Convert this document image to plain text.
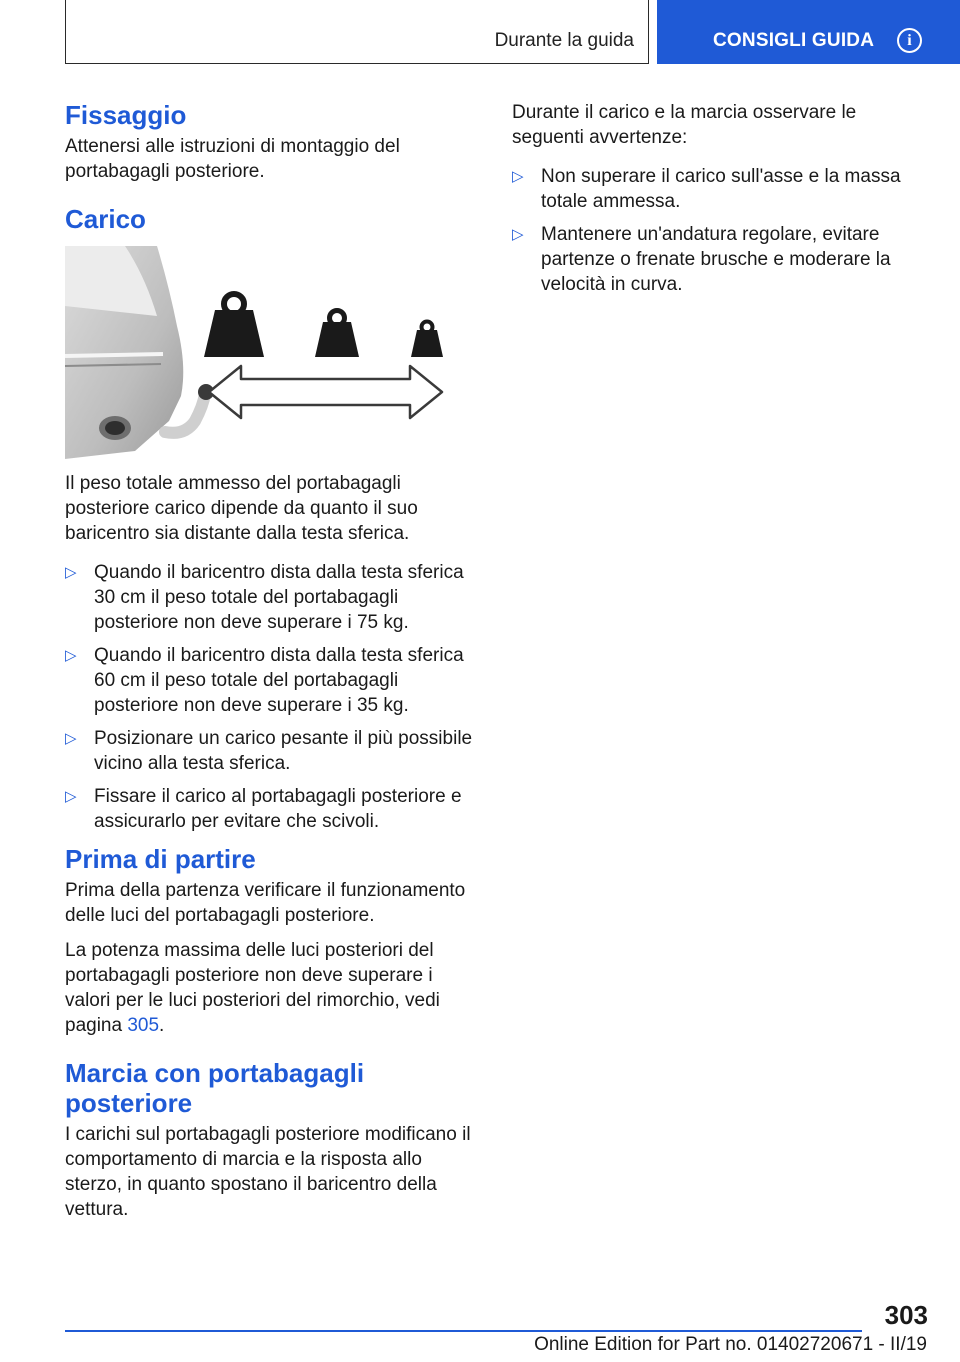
Durante la guida	CONSIGLI GUIDA	i
Fissaggio

Attenersi alle istruzioni di montaggio del portabagagli posteriore.

Carico

Il peso totale ammesso del portabagagli posteriore carico dipende da quanto il suo baricentro sia distante dalla testa sferica.

▷ Quando il baricentro dista dalla testa sferica 30 cm il peso totale del portabagagli posteriore non deve superare i 75 kg.
▷ Quando il baricentro dista dalla testa sferica 60 cm il peso totale del portabagagli posteriore non deve superare i 35 kg.
▷ Posizionare un carico pesante il più possibile vicino alla testa sferica.
▷ Fissare il carico al portabagagli posteriore e assicurarlo per evitare che scivoli.
Prima di partire

Prima della partenza verificare il funzionamento delle luci del portabagagli posteriore.

La potenza massima delle luci posteriori del portabagagli posteriore non deve superare i valori per le luci posteriori del rimorchio, vedi pagina 305.

Marcia con portabagagli posteriore

I carichi sul portabagagli posteriore modificano il comportamento di marcia e la risposta allo sterzo, in quanto spostano il baricentro della vettura.

Durante il carico e la marcia osservare le seguenti avvertenze:

▷ Non superare il carico sull'asse e la massa totale ammessa.
▷ Mantenere un'andatura regolare, evitare partenze o frenate brusche e moderare la velocità in curva.
303
Online Edition for Part no. 01402720671 - II/19
